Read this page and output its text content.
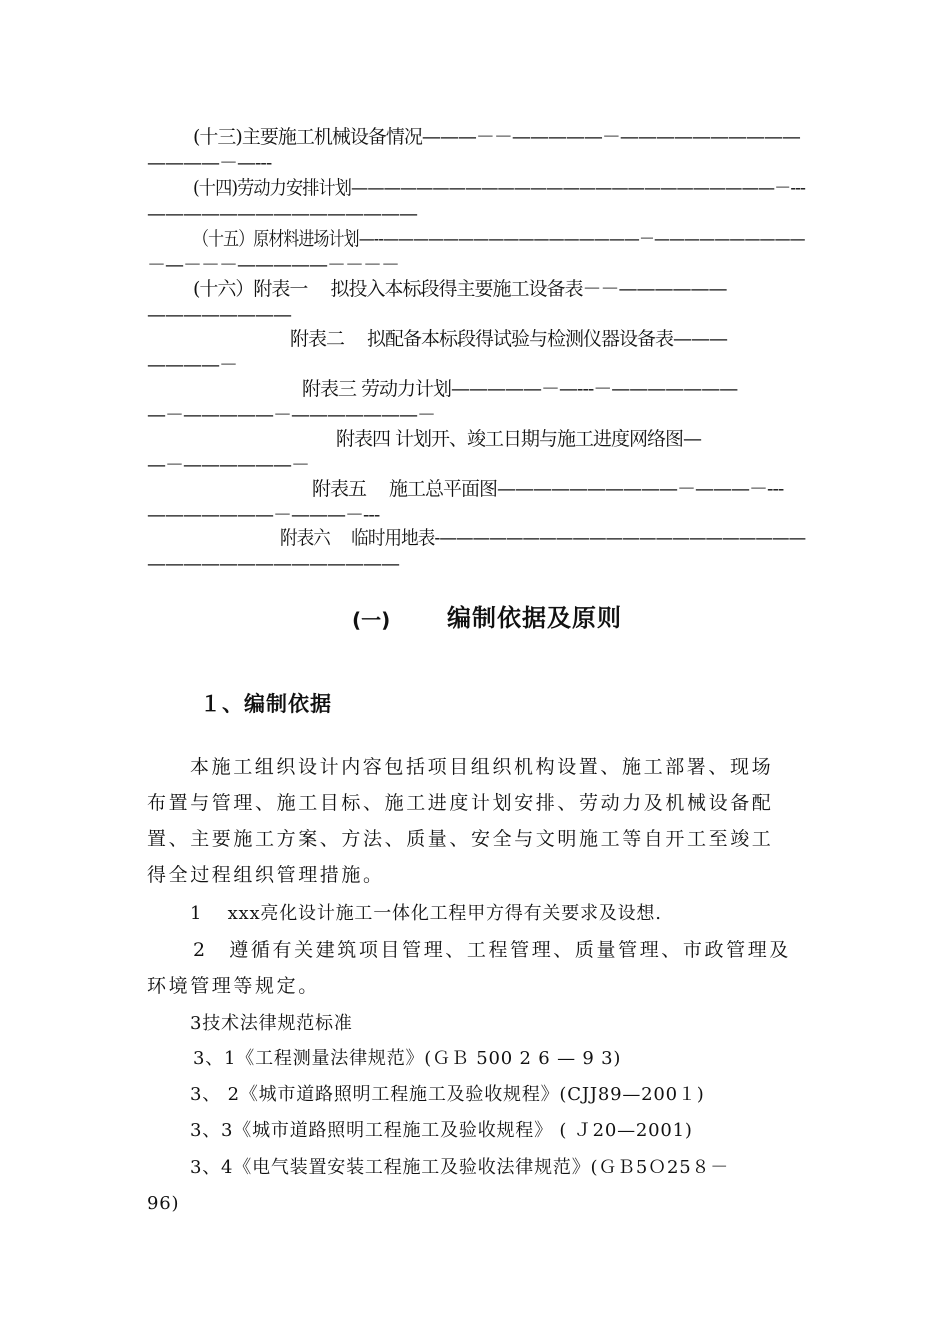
(十三)主要施工机械设备情况———－－—————－——————————
————－—---
(十四)劳动力安排计划——————————————————————————－---
———————————————
（十五）原材料进场计划—--—————————————————－——————————
－—－－－—————－－－－
(十六）附表一　 拟投入本标段得主要施工设备表－－——————
————————
附表二　 拟配备本标段得试验与检测仪器设备表———
————－
附表三 劳动力计划—————－—---－———————
—－—————－———————－
附表四 计划开、竣工日期与施工进度网络图—
—－——————－
附表五　 施工总平面图——————————－———－---
———————－———－---
附表六　 临时用地表-——————————————————————
——————————————
(一) 编制依据及原则
１、编制依据
本施工组织设计内容包括项目组织机构设置、施工部署、现场
布置与管理、施工目标、施工进度计划安排、劳动力及机械设备配
置、主要施工方案、方法、质量、安全与文明施工等自开工至竣工
得全过程组织管理措施。
1　 xxx亮化设计施工一体化工程甲方得有关要求及设想.
2　遵循有关建筑项目管理、工程管理、质量管理、市政管理及
环境管理等规定。
3技术法律规范标准
3、1《工程测量法律规范》(ＧＢ 500 2 6 — 9 3)
3、 2《城市道路照明工程施工及验收规程》(CJJ89—200１)
3、3《城市道路照明工程施工及验收规程》 ( Ｊ20—2001)
3、4《电气装置安装工程施工及验收法律规范》(ＧＢ5Ｏ25８－
96)
